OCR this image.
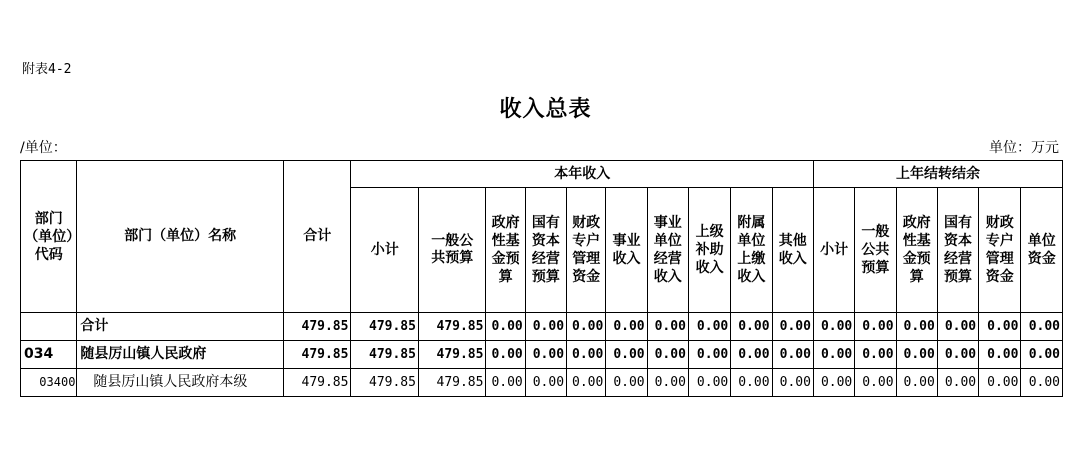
附表4-2
收入总表
/单位：	单位：万元
部门（单位）代码	部门（单位）名称	合计	本年收入										上年结转结余					
			小计	一般公共预算	政府性基金预算	国有资本经营预算	财政专户管理资金	事业收入	事业单位经营收入	上级补助收入	附属单位上缴收入	其他收入	小计	一般公共预算	政府性基金预算	国有资本经营预算	财政专户管理资金	单位资金
	合计	479.85	479.85	479.85	0.00	0.00	0.00	0.00	0.00	0.00	0.00	0.00	0.00	0.00	0.00	0.00	0.00	0.00
034	随县厉山镇人民政府	479.85	479.85	479.85	0.00	0.00	0.00	0.00	0.00	0.00	0.00	0.00	0.00	0.00	0.00	0.00	0.00	0.00
03400	随县厉山镇人民政府本级	479.85	479.85	479.85	0.00	0.00	0.00	0.00	0.00	0.00	0.00	0.00	0.00	0.00	0.00	0.00	0.00	0.00
